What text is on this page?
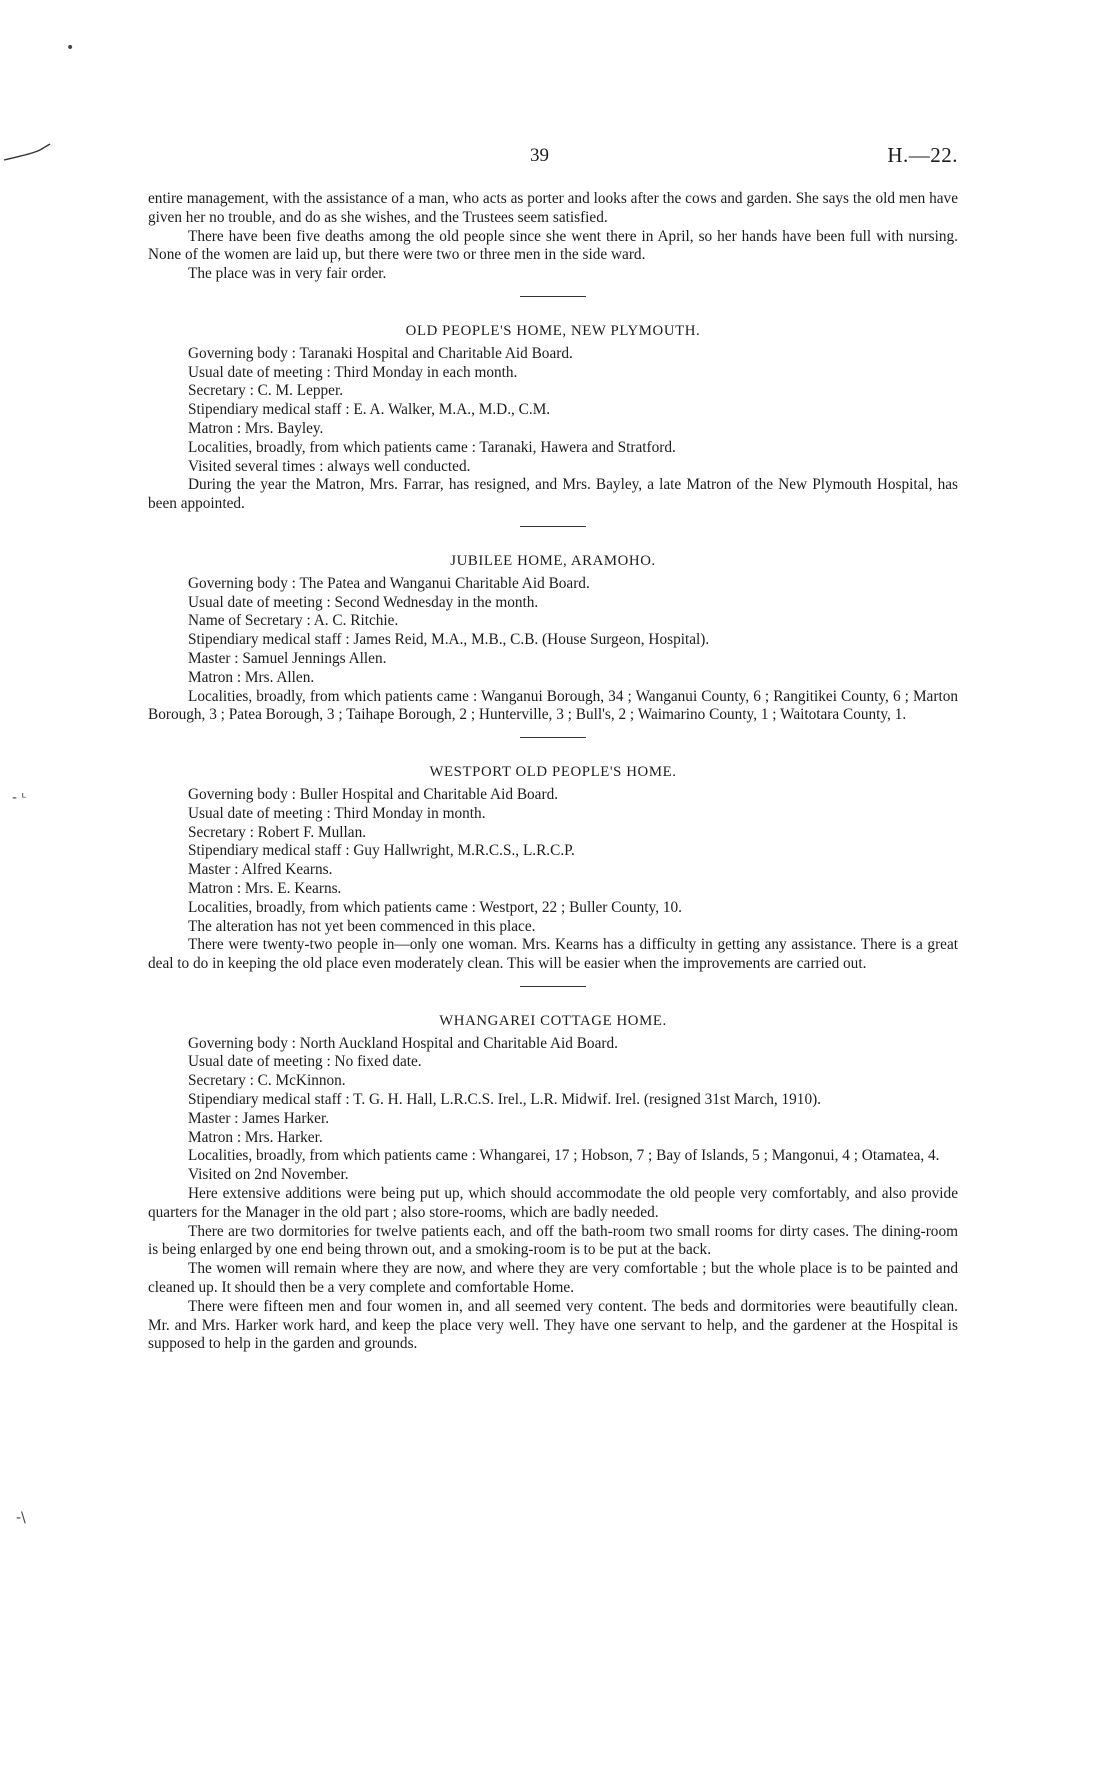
•
- ᶫ
-\
39	H.—22.

entire management, with the assistance of a man, who acts as porter and looks after the cows and garden. She says the old men have given her no trouble, and do as she wishes, and the Trustees seem satisfied.

There have been five deaths among the old people since she went there in April, so her hands have been full with nursing. None of the women are laid up, but there were two or three men in the side ward.

The place was in very fair order.

OLD PEOPLE'S HOME, NEW PLYMOUTH.
Governing body : Taranaki Hospital and Charitable Aid Board.
Usual date of meeting : Third Monday in each month.
Secretary : C. M. Lepper.
Stipendiary medical staff : E. A. Walker, M.A., M.D., C.M.
Matron : Mrs. Bayley.
Localities, broadly, from which patients came : Taranaki, Hawera and Stratford.
Visited several times : always well conducted.

During the year the Matron, Mrs. Farrar, has resigned, and Mrs. Bayley, a late Matron of the New Plymouth Hospital, has been appointed.

JUBILEE HOME, ARAMOHO.
Governing body : The Patea and Wanganui Charitable Aid Board.
Usual date of meeting : Second Wednesday in the month.
Name of Secretary : A. C. Ritchie.
Stipendiary medical staff : James Reid, M.A., M.B., C.B. (House Surgeon, Hospital).
Master : Samuel Jennings Allen.
Matron : Mrs. Allen.

Localities, broadly, from which patients came : Wanganui Borough, 34 ; Wanganui County, 6 ; Rangitikei County, 6 ; Marton Borough, 3 ; Patea Borough, 3 ; Taihape Borough, 2 ; Hunterville, 3 ; Bull's, 2 ; Waimarino County, 1 ; Waitotara County, 1.

WESTPORT OLD PEOPLE'S HOME.
Governing body : Buller Hospital and Charitable Aid Board.
Usual date of meeting : Third Monday in month.
Secretary : Robert F. Mullan.
Stipendiary medical staff : Guy Hallwright, M.R.C.S., L.R.C.P.
Master : Alfred Kearns.
Matron : Mrs. E. Kearns.
Localities, broadly, from which patients came : Westport, 22 ; Buller County, 10.
The alteration has not yet been commenced in this place.

There were twenty-two people in—only one woman. Mrs. Kearns has a difficulty in getting any assistance. There is a great deal to do in keeping the old place even moderately clean. This will be easier when the improvements are carried out.

WHANGAREI COTTAGE HOME.
Governing body : North Auckland Hospital and Charitable Aid Board.
Usual date of meeting : No fixed date.
Secretary : C. McKinnon.

Stipendiary medical staff : T. G. H. Hall, L.R.C.S. Irel., L.R. Midwif. Irel. (resigned 31st March, 1910).

Master : James Harker.

Matron : Mrs. Harker.

Localities, broadly, from which patients came : Whangarei, 17 ; Hobson, 7 ; Bay of Islands, 5 ; Mangonui, 4 ; Otamatea, 4.

Visited on 2nd November.

Here extensive additions were being put up, which should accommodate the old people very comfortably, and also provide quarters for the Manager in the old part ; also store-rooms, which are badly needed.

There are two dormitories for twelve patients each, and off the bath-room two small rooms for dirty cases. The dining-room is being enlarged by one end being thrown out, and a smoking-room is to be put at the back.

The women will remain where they are now, and where they are very comfortable ; but the whole place is to be painted and cleaned up. It should then be a very complete and comfortable Home.

There were fifteen men and four women in, and all seemed very content. The beds and dormitories were beautifully clean. Mr. and Mrs. Harker work hard, and keep the place very well. They have one servant to help, and the gardener at the Hospital is supposed to help in the garden and grounds.
